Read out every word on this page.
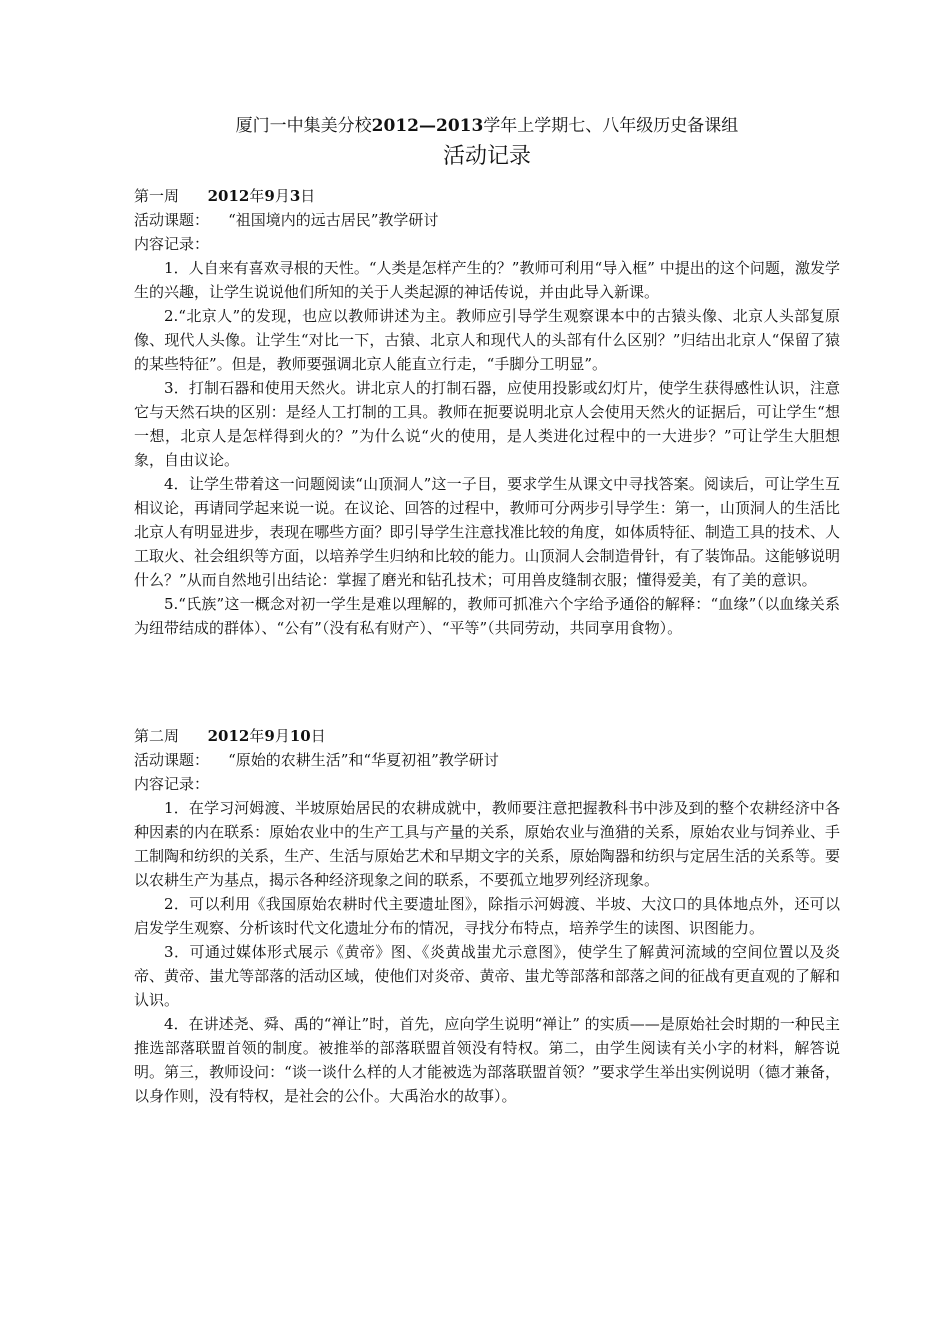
厦门一中集美分校2012—2013学年上学期七、八年级历史备课组

活动记录

第一周 2012年9月3日

活动课题： “祖国境内的远古居民”教学研讨

内容记录：

1．人自来有喜欢寻根的天性。“人类是怎样产生的？”教师可利用“导入框” 中提出的这个问题，激发学生的兴趣，让学生说说他们所知的关于人类起源的神话传说，并由此导入新课。

2.“北京人”的发现，也应以教师讲述为主。教师应引导学生观察课本中的古猿头像、北京人头部复原像、现代人头像。让学生“对比一下，古猿、北京人和现代人的头部有什么区别？”归结出北京人“保留了猿的某些特征”。但是，教师要强调北京人能直立行走，“手脚分工明显”。

3．打制石器和使用天然火。讲北京人的打制石器，应使用投影或幻灯片，使学生获得感性认识，注意它与天然石块的区别：是经人工打制的工具。教师在扼要说明北京人会使用天然火的证据后，可让学生“想一想，北京人是怎样得到火的？”为什么说“火的使用，是人类进化过程中的一大进步？”可让学生大胆想象，自由议论。

4．让学生带着这一问题阅读“山顶洞人”这一子目，要求学生从课文中寻找答案。阅读后，可让学生互相议论，再请同学起来说一说。在议论、回答的过程中，教师可分两步引导学生：第一，山顶洞人的生活比北京人有明显进步，表现在哪些方面？即引导学生注意找准比较的角度，如体质特征、制造工具的技术、人工取火、社会组织等方面，以培养学生归纳和比较的能力。山顶洞人会制造骨针，有了装饰品。这能够说明什么？”从而自然地引出结论：掌握了磨光和钻孔技术；可用兽皮缝制衣服；懂得爱美，有了美的意识。

5.“氏族”这一概念对初一学生是难以理解的，教师可抓准六个字给予通俗的解释：“血缘”（以血缘关系为纽带结成的群体）、“公有”（没有私有财产）、“平等”（共同劳动，共同享用食物）。

第二周 2012年9月10日

活动课题： “原始的农耕生活”和“华夏初祖”教学研讨

内容记录：

1．在学习河姆渡、半坡原始居民的农耕成就中，教师要注意把握教科书中涉及到的整个农耕经济中各种因素的内在联系：原始农业中的生产工具与产量的关系，原始农业与渔猎的关系，原始农业与饲养业、手工制陶和纺织的关系，生产、生活与原始艺术和早期文字的关系，原始陶器和纺织与定居生活的关系等。要以农耕生产为基点，揭示各种经济现象之间的联系，不要孤立地罗列经济现象。

2．可以利用《我国原始农耕时代主要遗址图》，除指示河姆渡、半坡、大汶口的具体地点外，还可以启发学生观察、分析该时代文化遗址分布的情况，寻找分布特点，培养学生的读图、识图能力。

3．可通过媒体形式展示《黄帝》图、《炎黄战蚩尤示意图》，使学生了解黄河流域的空间位置以及炎帝、黄帝、蚩尤等部落的活动区域，使他们对炎帝、黄帝、蚩尤等部落和部落之间的征战有更直观的了解和认识。

4．在讲述尧、舜、禹的“禅让”时，首先，应向学生说明“禅让” 的实质——是原始社会时期的一种民主推选部落联盟首领的制度。被推举的部落联盟首领没有特权。第二，由学生阅读有关小字的材料，解答说明。第三，教师设问：“谈一谈什么样的人才能被选为部落联盟首领？”要求学生举出实例说明（德才兼备，以身作则，没有特权，是社会的公仆。大禹治水的故事）。
